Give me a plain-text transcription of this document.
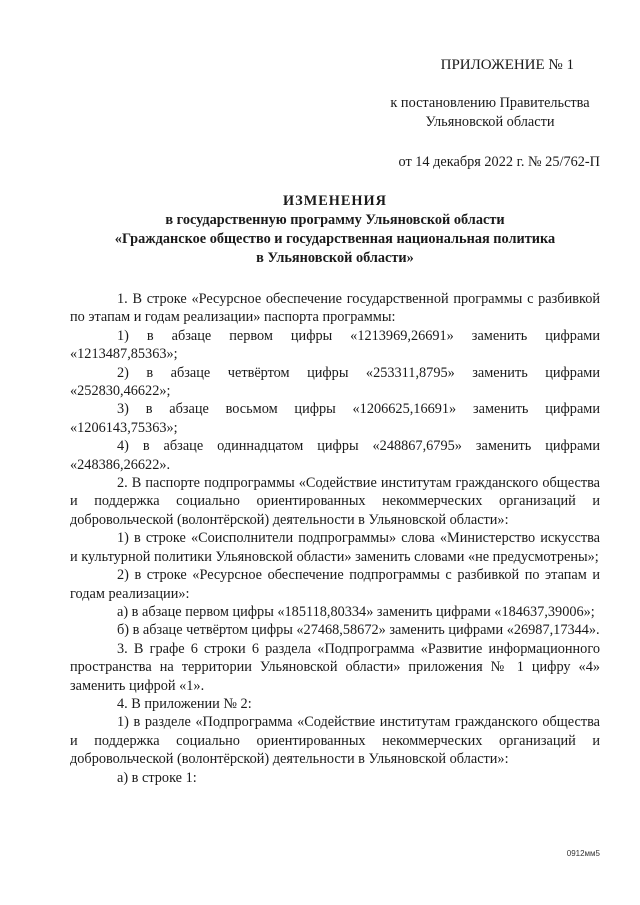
ПРИЛОЖЕНИЕ № 1
к постановлению Правительства
Ульяновской области
от 14 декабря 2022 г. № 25/762-П
ИЗМЕНЕНИЯ
в государственную программу Ульяновской области
«Гражданское общество и государственная национальная политика
в Ульяновской области»

1. В строке «Ресурсное обеспечение государственной программы с разбивкой по этапам и годам реализации» паспорта программы:

1) в абзаце первом цифры «1213969,26691» заменить цифрами «1213487,85363»;

2) в абзаце четвёртом цифры «253311,8795» заменить цифрами «252830,46622»;

3) в абзаце восьмом цифры «1206625,16691» заменить цифрами «1206143,75363»;

4) в абзаце одиннадцатом цифры «248867,6795» заменить цифрами «248386,26622».

2. В паспорте подпрограммы «Содействие институтам гражданского общества и поддержка социально ориентированных некоммерческих организаций и добровольческой (волонтёрской) деятельности в Ульяновской области»:

1) в строке «Соисполнители подпрограммы» слова «Министерство искусства и культурной политики Ульяновской области» заменить словами «не предусмотрены»;

2) в строке «Ресурсное обеспечение подпрограммы с разбивкой по этапам и годам реализации»:

а) в абзаце первом цифры «185118,80334» заменить цифрами «184637,39006»;

б) в абзаце четвёртом цифры «27468,58672» заменить цифрами «26987,17344».

3. В графе 6 строки 6 раздела «Подпрограмма «Развитие информационного пространства на территории Ульяновской области» приложения № 1 цифру «4» заменить цифрой «1».

4. В приложении № 2:

1) в разделе «Подпрограмма «Содействие институтам гражданского общества и поддержка социально ориентированных некоммерческих организаций и добровольческой (волонтёрской) деятельности в Ульяновской области»:

а) в строке 1:

0912мм5
